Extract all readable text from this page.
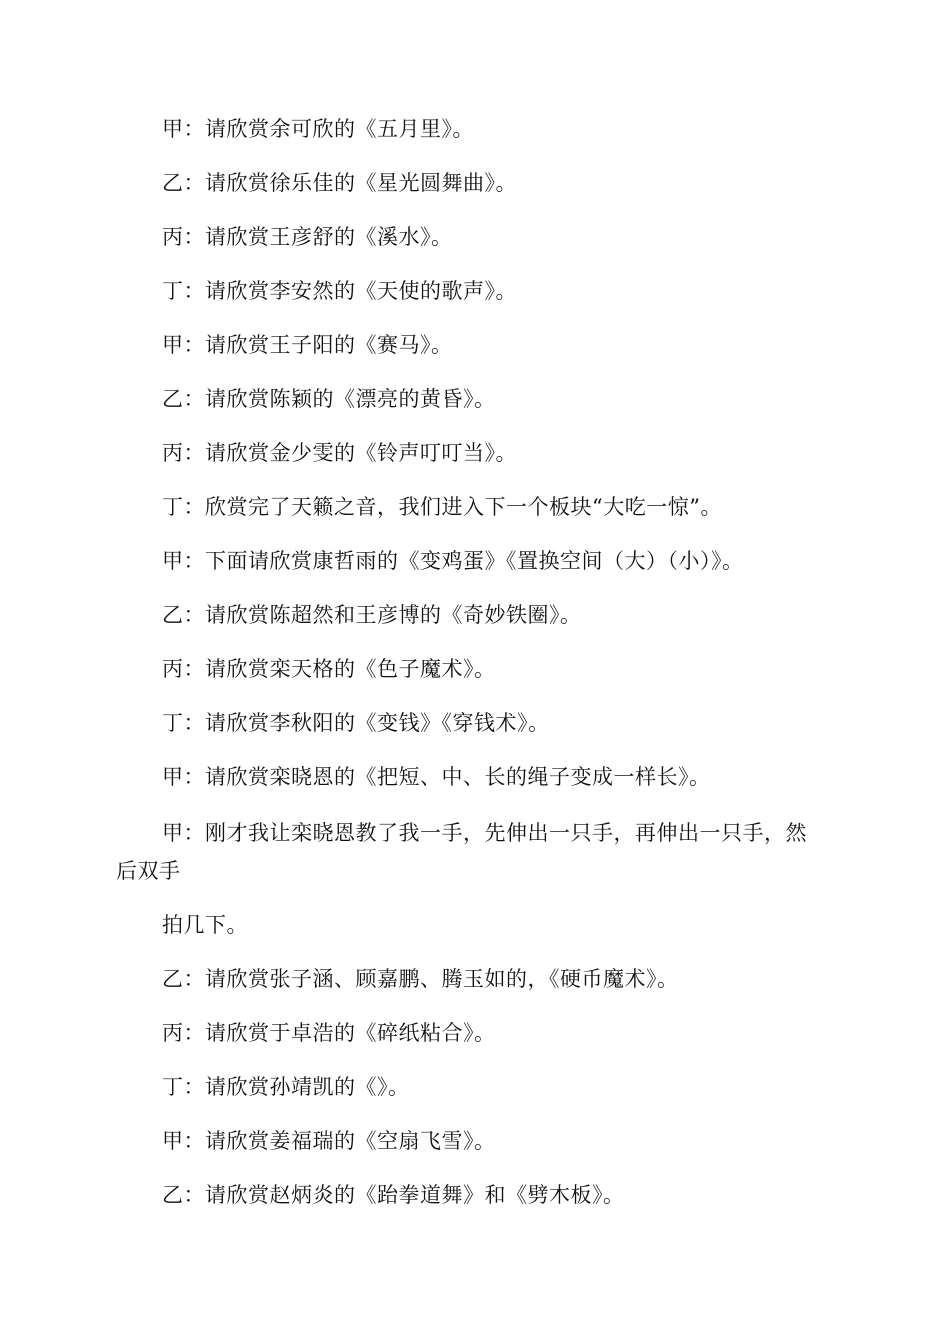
甲：请欣赏余可欣的《五月里》。
乙：请欣赏徐乐佳的《星光圆舞曲》。
丙：请欣赏王彦舒的《溪水》。
丁：请欣赏李安然的《天使的歌声》。
甲：请欣赏王子阳的《赛马》。
乙：请欣赏陈颖的《漂亮的黄昏》。
丙：请欣赏金少雯的《铃声叮叮当》。
丁：欣赏完了天籁之音，我们进入下一个板块“大吃一惊”。
甲：下面请欣赏康哲雨的《变鸡蛋》《置换空间（大）（小）》。
乙：请欣赏陈超然和王彦博的《奇妙铁圈》。
丙：请欣赏栾天格的《色子魔术》。
丁：请欣赏李秋阳的《变钱》《穿钱术》。
甲：请欣赏栾晓恩的《把短、中、长的绳子变成一样长》。
甲：刚才我让栾晓恩教了我一手，先伸出一只手，再伸出一只手，然
后双手
拍几下。
乙：请欣赏张子涵、顾嘉鹏、腾玉如的，《硬币魔术》。
丙：请欣赏于卓浩的《碎纸粘合》。
丁：请欣赏孙靖凯的《》。
甲：请欣赏姜福瑞的《空扇飞雪》。
乙：请欣赏赵炳炎的《跆拳道舞》和《劈木板》。
